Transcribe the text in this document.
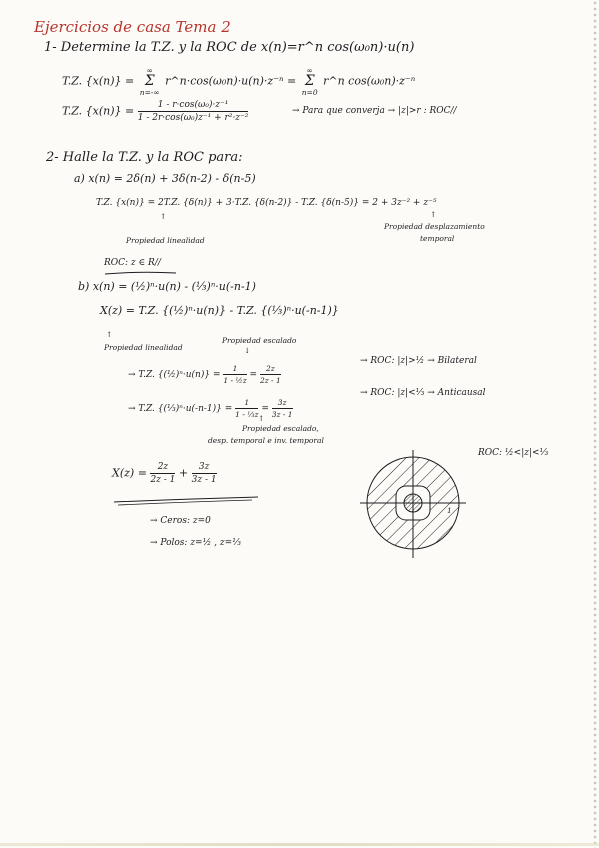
Ejercicios de casa Tema 2
1- Determine la T.Z. y la ROC de x(n)=r^n cos(ω₀n)·u(n)
T.Z. {x(n)} =
∞
Σ
n=-∞
r^n·cos(ω₀n)·u(n)·z⁻ⁿ =
∞
Σ
n=0
r^n cos(ω₀n)·z⁻ⁿ
T.Z. $\{x(n)\} = \frac{\text{1 - r·cos(ω₀)·z⁻¹}}{\text{1 - 2r·cos(ω₀)z⁻¹ + r²·z⁻²}}$	→ Para que converja → |z|>r : ROC//
2- Halle la T.Z. y la ROC para:
a) x(n) = 2δ(n) + 3δ(n-2) - δ(n-5)
T.Z. {x(n)} = 2T.Z. {δ(n)} + 3·T.Z. {δ(n-2)} - T.Z. {δ(n-5)} = 2 + 3z⁻² + z⁻⁵
↑
Propiedad linealidad
↑
Propiedad desplazamiento
temporal
ROC: z ∈ R//
b) x(n) = (½)ⁿ·u(n) - (⅓)ⁿ·u(-n-1)
X(z) = T.Z. {(½)ⁿ·u(n)} - T.Z. {(⅓)ⁿ·u(-n-1)}
↑
Propiedad linealidad
Propiedad escalado
↓
→ T.Z. {(½)ⁿ·u(n)} = $\frac{1}{\text{1 - ½z}} = \frac{2z}{2z - 1}$
→ ROC: |z|>½ → Bilateral
→ T.Z. {(⅓)ⁿ·u(-n-1)} = $\frac{1}{\text{1 - ⅓z}} = \frac{3z}{3z - 1}$
→ ROC: |z|<⅓ → Anticausal
↑
Propiedad escalado,
desp. temporal e inv. temporal
$X(z) = \frac{2z}{2z - 1} + \frac{3z}{3z - 1}$
→ Ceros: z=0
→ Polos: z=½ , z=⅓
ROC: ½<|z|<⅓
1
